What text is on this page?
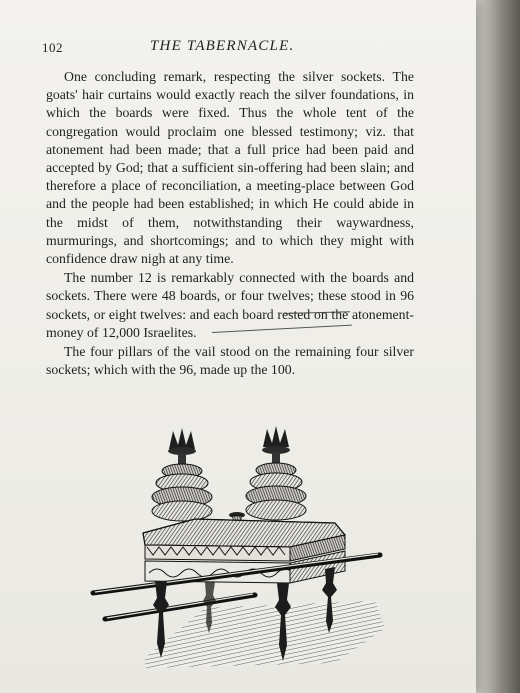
102	THE TABERNACLE.

One concluding remark, respecting the silver sockets. The goats' hair curtains would exactly reach the silver foundations, in which the boards were fixed. Thus the whole tent of the congregation would proclaim one blessed testimony; viz. that atonement had been made; that a full price had been paid and accepted by God; that a sufficient sin-offering had been slain; and therefore a place of reconciliation, a meeting-place between God and the people had been established; in which He could abide in the midst of them, notwithstanding their waywardness, murmurings, and shortcomings; and to which they might with confidence draw nigh at any time.

The number 12 is remarkably connected with the boards and sockets. There were 48 boards, or four twelves; these stood in 96 sockets, or eight twelves: and each board rested on the atonement-money of 12,000 Israelites.

The four pillars of the vail stood on the remaining four silver sockets; which with the 96, made up the 100.
